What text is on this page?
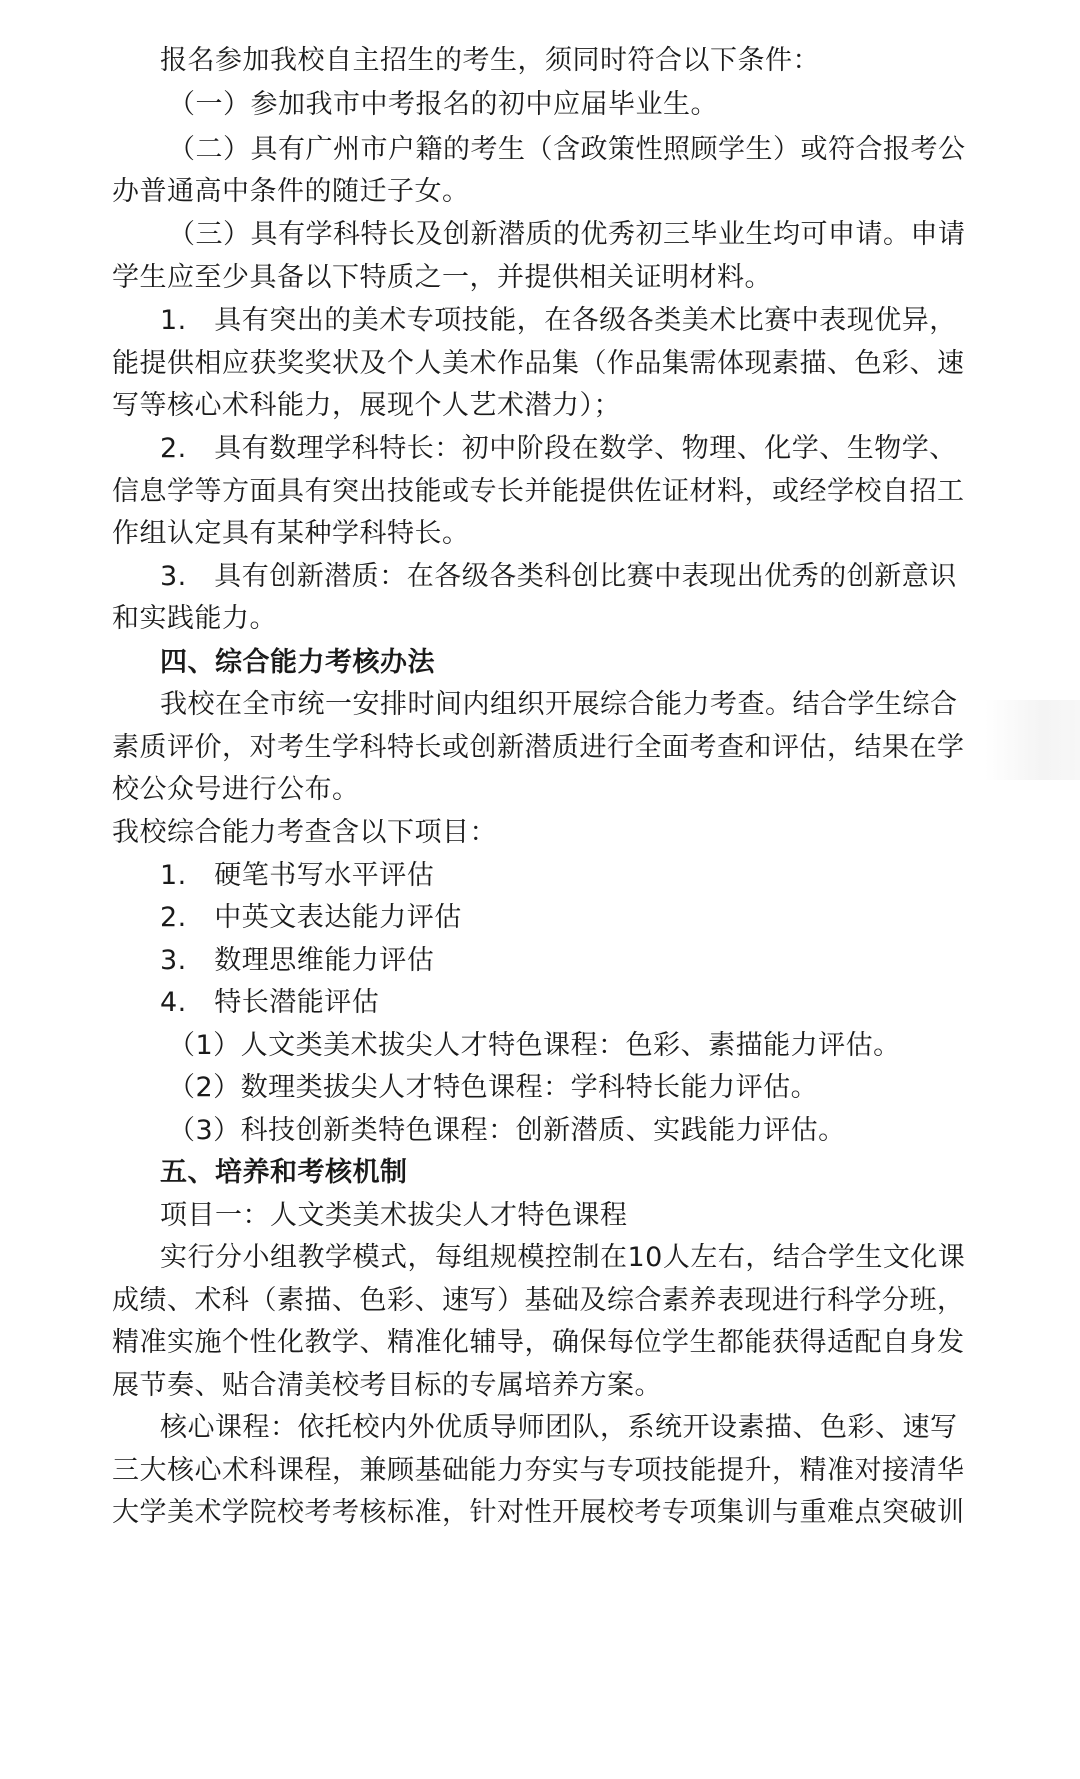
报名参加我校自主招生的考生，须同时符合以下条件：
（一）参加我市中考报名的初中应届毕业生。
（二）具有广州市户籍的考生（含政策性照顾学生）或符合报考公
办普通高中条件的随迁子女。
（三）具有学科特长及创新潜质的优秀初三毕业生均可申请。申请
学生应至少具备以下特质之一，并提供相关证明材料。
1.　具有突出的美术专项技能，在各级各类美术比赛中表现优异，
能提供相应获奖奖状及个人美术作品集（作品集需体现素描、色彩、速
写等核心术科能力，展现个人艺术潜力）；
2.　具有数理学科特长：初中阶段在数学、物理、化学、生物学、
信息学等方面具有突出技能或专长并能提供佐证材料，或经学校自招工
作组认定具有某种学科特长。
3.　具有创新潜质：在各级各类科创比赛中表现出优秀的创新意识
和实践能力。
四、综合能力考核办法
我校在全市统一安排时间内组织开展综合能力考查。结合学生综合
素质评价，对考生学科特长或创新潜质进行全面考查和评估，结果在学
校公众号进行公布。
我校综合能力考查含以下项目：
1.　硬笔书写水平评估
2.　中英文表达能力评估
3.　数理思维能力评估
4.　特长潜能评估
（1）人文类美术拔尖人才特色课程：色彩、素描能力评估。
（2）数理类拔尖人才特色课程：学科特长能力评估。
（3）科技创新类特色课程：创新潜质、实践能力评估。
五、培养和考核机制
项目一：人文类美术拔尖人才特色课程
实行分小组教学模式，每组规模控制在10人左右，结合学生文化课
成绩、术科（素描、色彩、速写）基础及综合素养表现进行科学分班，
精准实施个性化教学、精准化辅导，确保每位学生都能获得适配自身发
展节奏、贴合清美校考目标的专属培养方案。
核心课程：依托校内外优质导师团队，系统开设素描、色彩、速写
三大核心术科课程，兼顾基础能力夯实与专项技能提升，精准对接清华
大学美术学院校考考核标准，针对性开展校考专项集训与重难点突破训
